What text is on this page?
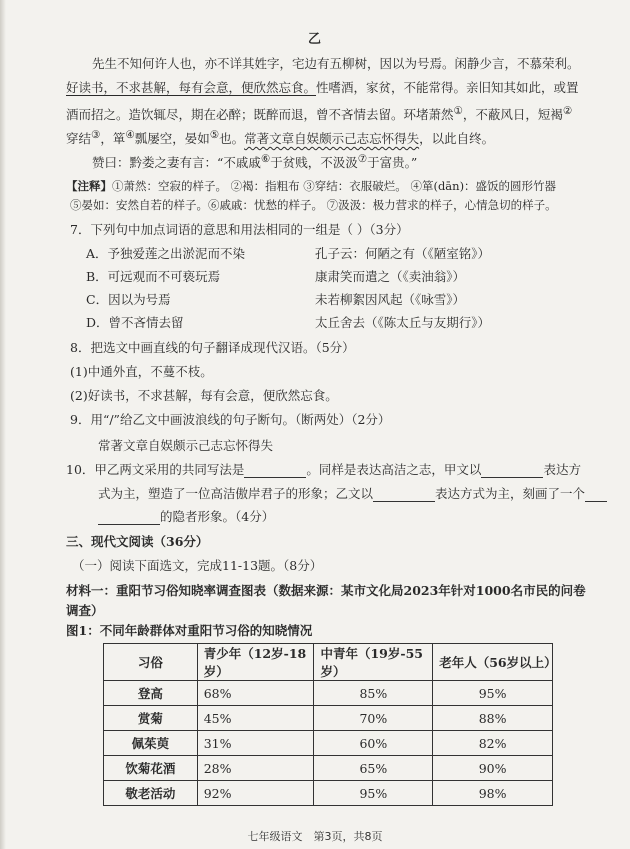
乙
先生不知何许人也，亦不详其姓字，宅边有五柳树，因以为号焉。闲静少言，不慕荣利。
好读书，不求甚解，每有会意，便欣然忘食。性嗜酒，家贫，不能常得。亲旧知其如此，或置
酒而招之。造饮辄尽，期在必醉；既醉而退，曾不吝情去留。环堵萧然①，不蔽风日，短褐②
穿结③，箪④瓢屡空，晏如⑤也。常著文章自娱颇示己志忘怀得失，以此自终。
赞曰：黔娄之妻有言：“不戚戚⑥于贫贱，不汲汲⑦于富贵。”
【注释】①萧然：空寂的样子。 ②褐：指粗布 ③穿结：衣服破烂。 ④箪(dān)：盛饭的圆形竹器
⑤晏如：安然自若的样子。⑥戚戚：忧愁的样子。 ⑦汲汲：极力营求的样子，心情急切的样子。
7．下列句中加点词语的意思和用法相同的一组是（ ）（3分）
A．予独爱莲之出淤泥而不染	孔子云：何陋之有（《陋室铭》）
B．可远观而不可亵玩焉	康肃笑而遣之（《卖油翁》）
C．因以为号焉	未若柳絮因风起（《咏雪》）
D．曾不吝情去留	太丘舍去（《陈太丘与友期行》）
8．把选文中画直线的句子翻译成现代汉语。（5分）
(1)中通外直，不蔓不枝。
(2)好读书，不求甚解，每有会意，便欣然忘食。
9．用“/”给乙文中画波浪线的句子断句。（断两处）（2分）
常著文章自娱颇示己志忘怀得失
10．甲乙两文采用的共同写法是	。同样是表达高洁之志，甲文以	表达方
式为主，塑造了一位高洁傲岸君子的形象；乙文以	表达方式为主，刻画了一个
的隐者形象。（4分）
三、现代文阅读（36分）
（一）阅读下面选文，完成11-13题。（8分）
材料一：重阳节习俗知晓率调查图表（数据来源：某市文化局2023年针对1000名市民的问卷
调查）
图1：不同年龄群体对重阳节习俗的知晓情况
习俗	青少年（12岁-18岁）	中青年（19岁-55岁）	老年人（56岁以上）
登高	68%	85%	95%
赏菊	45%	70%	88%
佩茱萸	31%	60%	82%
饮菊花酒	28%	65%	90%
敬老活动	92%	95%	98%
七年级语文　第3页，共8页
